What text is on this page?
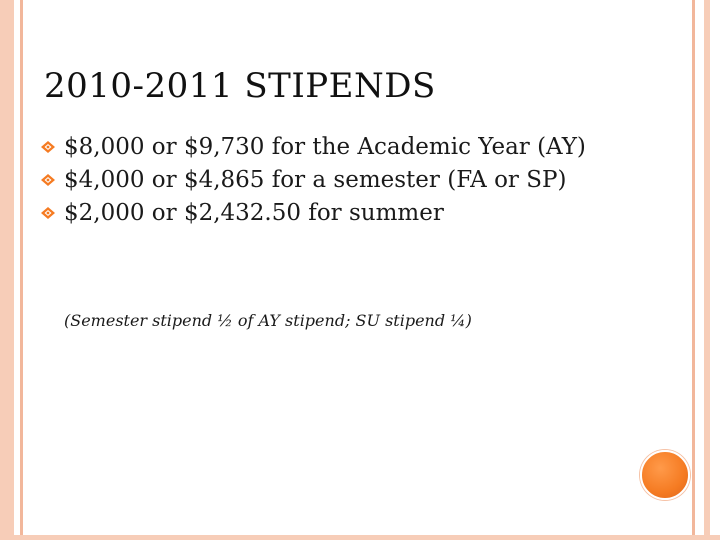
2010-2011 STIPENDS
$8,000 or $9,730 for the Academic Year (AY)
$4,000 or $4,865 for a semester (FA or SP)
$2,000 or $2,432.50 for summer
(Semester stipend ½ of AY stipend; SU stipend ¼)
